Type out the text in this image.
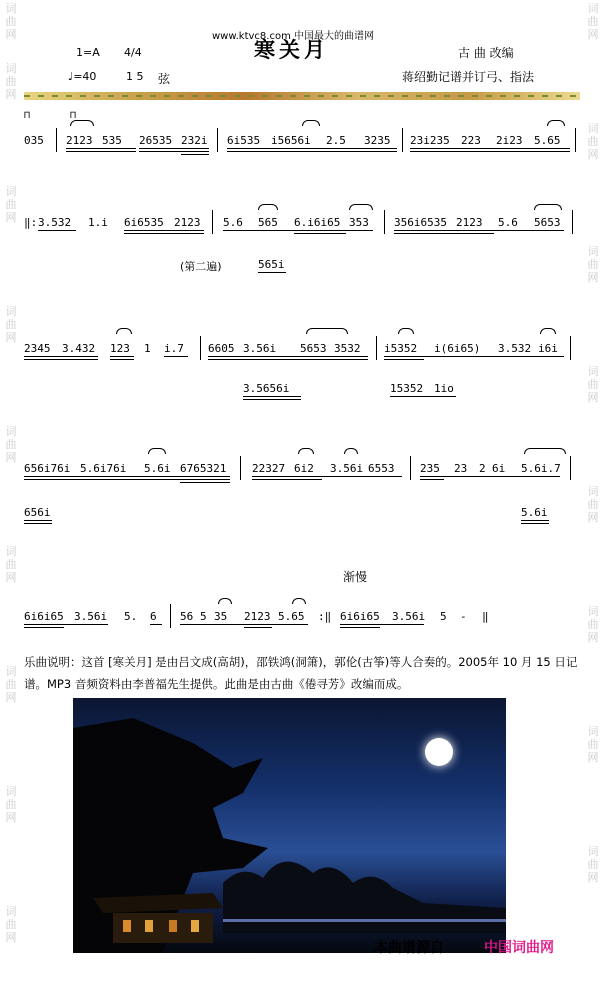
词
曲
网
词
曲
网
词
曲
网
词
曲
网
词
曲
网
词
曲
网
词
曲
网
词
曲
网
词
曲
网
词
曲
网
词
曲
网
词
曲
网
词
曲
网
词
曲
网
词
曲
网
词
曲
网
词
曲
网
www.ktvc8.com 中国最大的曲谱网
寒关月
1=A 4/4
♩=40	1 5 弦
古 曲 改编
蒋绍勤记谱并订弓、指法
⊓	⊓
035 2123 535 26535 232i 6i535 i5656i 2.5 3235 23i235 223 2i23 5.65
‖: 3.532 1.i 6i6535 2123 5.6 565 6.i6i65 353 356i6535 2123 5.6 5653
(第二遍)	565i
2345 3.432 123 1 i.7 6605 3.56i 5653 3532 i5352 i(6i65) 3.532 i6i
3.5656i	15352 1io
656i76i 5.6i76i 5.6i 6765321 22327 6i2 3.56i 6553 235 23 2 6i 5.6i.7
656i	5.6i
渐慢
6i6i65 3.56i 5. 6 56 5 35 2123 5.65 :‖ 6i6i65 3.56i 5 - ‖
乐曲说明：这首 [寒关月] 是由吕文成(高胡)，邵铁鸿(洞箫)，郭伦(古筝)等人合奏的。2005年 10 月 15 日记谱。MP3 音频资料由李普福先生提供。此曲是由古曲《倦寻芳》改编而成。
本曲谱源自	中国词曲网
